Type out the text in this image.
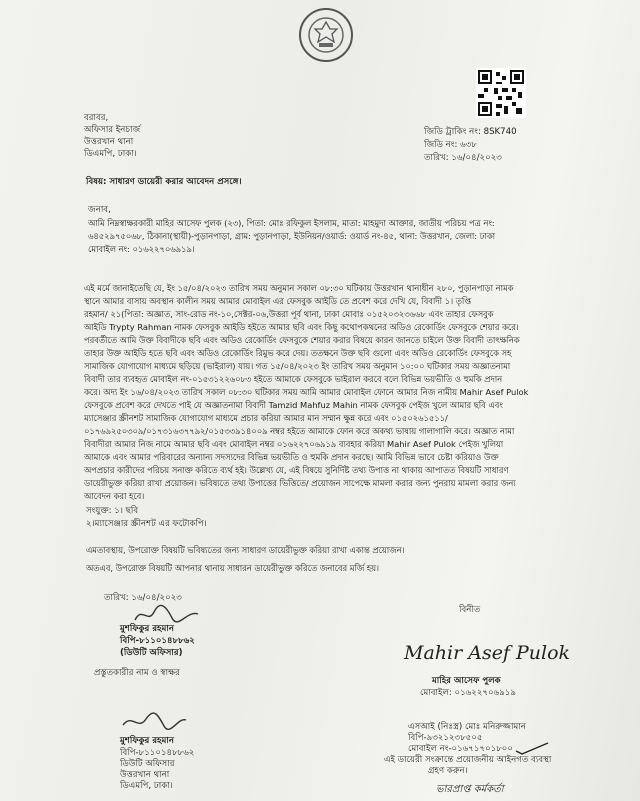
জিডি ট্রাকিং নং: 8SK740
জিডি নং: ৬৩৮
তারিখ: ১৬/০৪/২০২৩
বরাবর,
অফিসার ইনচার্জ
উত্তরখান থানা
ডিএমপি, ঢাকা।
বিষয়: সাধারণ ডায়েরী করার আবেদন প্রসঙ্গে।
জনাব,
আমি নিম্নস্বাক্ষরকারী মাহির আসেফ পুলক (২৩), পিতা: মোঃ রফিকুল ইসলাম, মাতা: মাহমুদা আক্তার, জাতীয় পরিচয় পত্র নং:
৬৪৫২৯৭৫০৬৮, ঠিকানা(স্থায়ী)-পুড়ানপাড়া, গ্রাম: পুড়ানপাড়া, ইউনিয়ন/ওয়ার্ড: ওয়ার্ড নং-৪৫, থানা: উত্তরখান, জেলা: ঢাকা
মোবাইল নং: ০১৬২২৭০৬৯১৯।
এই মর্মে জানাইতেছি যে, ইং ১৫/০৪/২০২৩ তারিখ সময় অনুমান সকাল ০৮:৩০ ঘটিকায় উত্তরখান থানাধীন ২৮০, পুড়ানপাড়া নামক
স্থানে আমার বাসায় অবস্থান কালীন সময় আমার মোবাইল এর ফেসবুক আইডি তে প্রবেশ করে দেখি যে, বিবাদী ১। তৃপ্তি
রহমান/ ২১(পিতা: অজ্ঞাত, সাং-রোড নং-১০,সেক্টর-০৬,উত্তরা পূর্ব থানা, ঢাকা মোবাঃ ০১৫২০৩২৩৬৬৮ এবং তাহার ফেসবুক
আইডি Trypty Rahman নামক ফেসবুক আইডি হইতে আমার ছবি এবং কিছু কথোপকথনের অডিও রেকোর্ডিং ফেসবুকে শেয়ার করে।
পরবর্তীতে আমি উক্ত বিবাদীকে ছবি এবং অডিও রেকোর্ডিং ফেসবুকে শেয়ার করার বিষয়ে কারন জানতে চাইলে উক্ত বিবাদী তাৎক্ষনিক
তাহার উক্ত আইডি হতে ছবি এবং অডিও রেকোর্ডিং রিমুভ করে দেয়। ততক্ষনে উক্ত ছবি গুলো এবং অডিও রেকোর্ডিং ফেসবুকে সহ
সামাজিক যোগাযোগ মাধ্যমে ছড়িয়ে (ভাইরাল) যায়। গত ১৫/০৪/২০২৩ ইং তারিখ সময় অনুমান ১০:০০ ঘটিকার সময় অজ্ঞাতনামা
বিবাদী তার ব্যবহৃত মোবাইল নং-০১৫৩১২২৬০৮৩ হইতে আমাকে ফেসবুকে ভাইরাল করবে বলে বিভিন্ন ভয়ভীতি ও হুমকি প্রদান
করে। অদ্য ইং ১৬/০৪/২০২৩ তারিখ সকাল ০৮:৩০ ঘটিকার সময় আমি আমার মোবাইল ফোনে আমার নিজ নামীয় Mahir Asef Pulok
ফেসবুকে প্রবেশ করে দেখতে পাই যে অজ্ঞাতনামা বিবাদী Tamzid Mahfuz Mahin নামক ফেসবুক পেইজ খুলে আমার ছবি এবং
ম্যাসেঞ্জার স্ক্রীনশট সামাজিক যোগাযোগ মাধ্যমে প্রচার করিয়া আমার মান সম্মান ক্ষুন্ন করে এবং ০১৫০২৬১৫১১/
০১৭৬৯২৫০৩০৯/০১৭৩১৬৩৭৭৯২/০১৫৩৩৯১৪০০৯ নম্বর হইতে আমাকে ফোন করে অকথ্য ভাষায় গালাগালি করে। অজ্ঞাত নামা
বিবাদীরা আমার নিজ নামে আমার ছবি এবং মোবাইল নম্বর ০১৬২২৭০৬৯১৯ ব্যবহার করিয়া Mahir Asef Pulok পেইজ খুলিয়া
আমাকে এবং আমার পরিবারের অন্যান্য সদস্যদের বিভিন্ন ভয়ভীতি ও হুমকি প্রদান করছে। আমি বিভিন্ন ভাবে চেষ্টা করিয়াও উক্ত
অপপ্রচার কারীদের পরিচয় সনাক্ত করিতে ব্যর্থ হই। উল্লেখ্য যে, এই বিষয়ে সুনির্দিষ্ট তথ্য উপাত্ত না থাকায় আপাতত বিষয়টি সাধারণ
ডায়েরীভুক্ত করিয়া রাখা প্রয়োজন। ভবিষ্যতে তথ্য উপাত্তের ভিত্তিতে/ প্রয়োজন সাপেক্ষে মামলা করার জন্য পুনরায় মামলা করার জন্য
আবেদন করা হবে।
সংযুক্ত: ১। ছবি
২।ম্যাসেঞ্জার স্ক্রীনশট এর ফটোকপি।
এমতাবস্থায়, উপরোক্ত বিষয়টি ভবিষ্যতের জন্য সাধারণ ডায়েরীভুক্ত করিয়া রাখা একান্ত প্রয়োজন।
অতএব, উপরোক্ত বিষয়টি আপনার থানায় সাধারন ডায়েরীভুক্ত করিতে জনাবের মর্জি হয়।
তারিখ: ১৬/০৪/২০২৩
মুশফিকুর রহমান
বিপি-৮১১০১৪৮৮৬২
(ডিউটি অফিসার)
প্রস্তুতকারীর নাম ও স্বাক্ষর
বিনীত
Mahir Asef Pulok
মাহির আসেফ পুলক
মোবাইল: ০১৬২২৭০৬৯১৯
মুশফিকুর রহমান
বিপি-৮১১০১৪৮৮৬২
ডিউটি অফিসার
উত্তরখান থানা
ডিএমপি, ঢাকা।
এসআই (নিঃস্ত্র) মোঃ মনিরুজ্জামান
বিপি-৯৩২১২৩৮৫০৫
মোবাইল নং-০১৬৭১৭০১৮০০
এই ডায়েরী সংক্রান্তে প্রয়োজনীয় আইনগত ব্যবস্থা
গ্রহণ করুন।
ভারপ্রাপ্ত কর্মকর্তা
